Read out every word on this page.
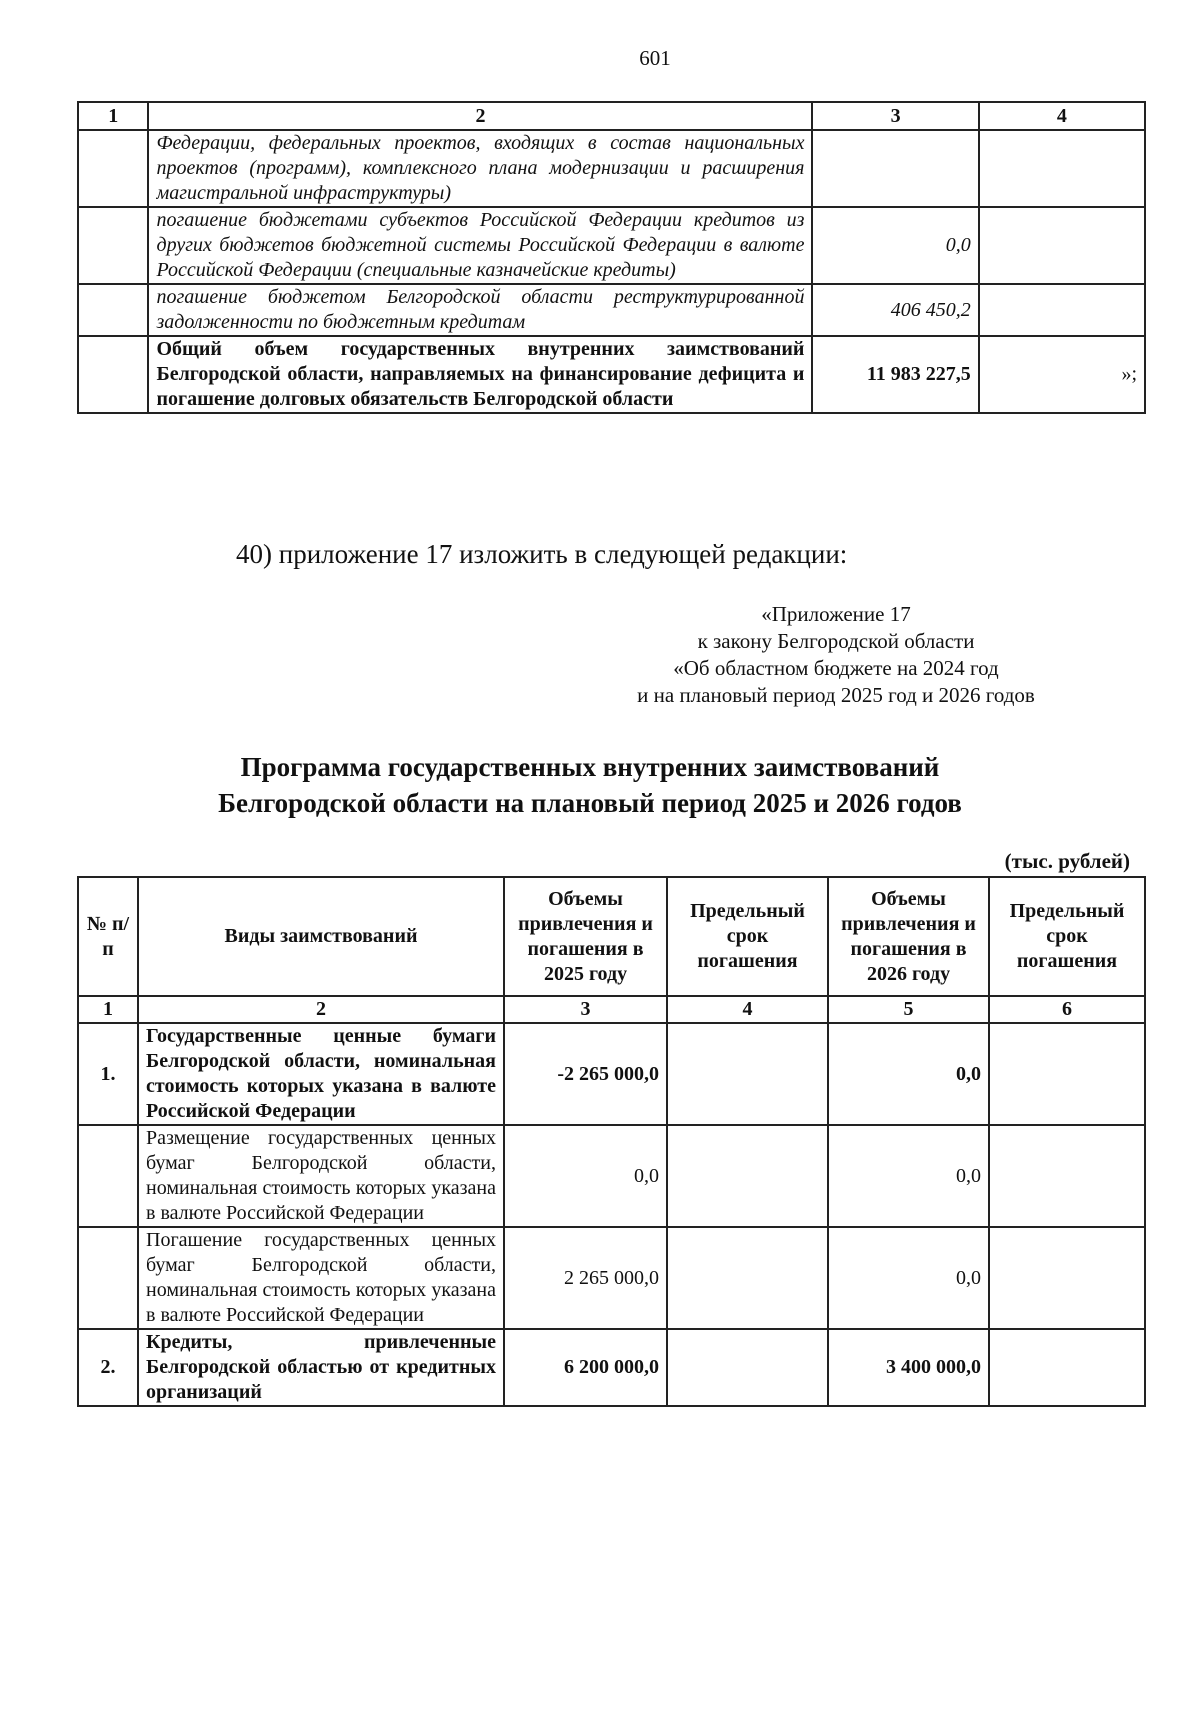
601
1	2	3	4
	Федерации, федеральных проектов, входящих в состав национальных проектов (программ), комплексного плана модернизации и расширения магистральной инфраструктуры)		
	погашение бюджетами субъектов Российской Федерации кредитов из других бюджетов бюджетной системы Российской Федерации в валюте Российской Федерации (специальные казначейские кредиты)	0,0	
	погашение бюджетом Белгородской области реструктурированной задолженности по бюджетным кредитам	406 450,2	
	Общий объем государственных внутренних заимствований Белгородской области, направляемых на финансирование дефицита и погашение долговых обязательств Белгородской области	11 983 227,5	»;
40) приложение 17 изложить в следующей редакции:
«Приложение 17
к закону Белгородской области
«Об областном бюджете на 2024 год
и на плановый период 2025 год и 2026 годов
Программа государственных внутренних заимствований
Белгородской области на плановый период 2025 и 2026 годов
(тыс. рублей)
№ п/п	Виды заимствований	Объемы привлечения и погашения в 2025 году	Предельный срок погашения	Объемы привлечения и погашения в 2026 году	Предельный срок погашения
1	2	3	4	5	6
1.	Государственные ценные бумаги Белгородской области, номинальная стоимость которых указана в валюте Российской Федерации	-2 265 000,0		0,0	
	Размещение государственных ценных бумаг Белгородской области, номинальная стоимость которых указана в валюте Российской Федерации	0,0		0,0	
	Погашение государственных ценных бумаг Белгородской области, номинальная стоимость которых указана в валюте Российской Федерации	2 265 000,0		0,0	
2.	Кредиты, привлеченные Белгородской областью от кредитных организаций	6 200 000,0		3 400 000,0	
